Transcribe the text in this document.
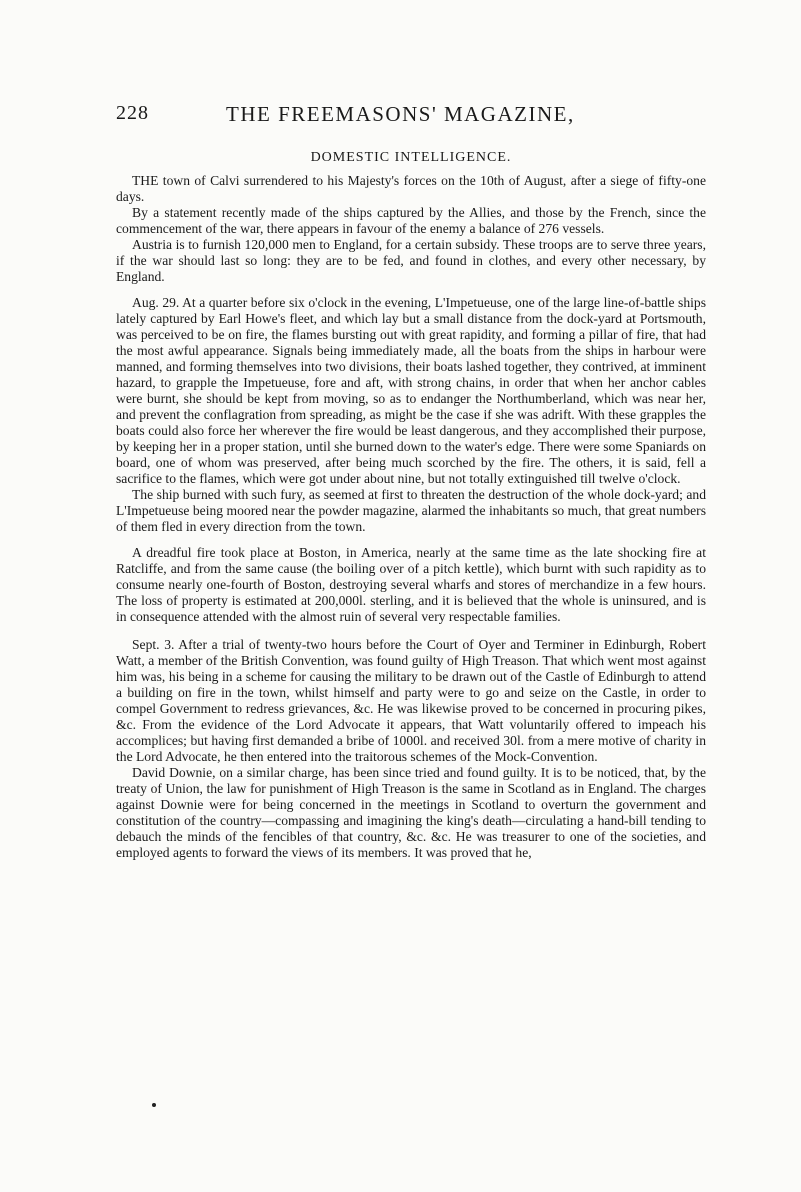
228	THE FREEMASONS' MAGAZINE,
DOMESTIC INTELLIGENCE.

THE town of Calvi surrendered to his Majesty's forces on the 10th of August, after a siege of fifty-one days.

By a statement recently made of the ships captured by the Allies, and those by the French, since the commencement of the war, there appears in favour of the enemy a balance of 276 vessels.

Austria is to furnish 120,000 men to England, for a certain subsidy. These troops are to serve three years, if the war should last so long: they are to be fed, and found in clothes, and every other necessary, by England.

Aug. 29. At a quarter before six o'clock in the evening, L'Impetueuse, one of the large line-of-battle ships lately captured by Earl Howe's fleet, and which lay but a small distance from the dock-yard at Portsmouth, was perceived to be on fire, the flames bursting out with great rapidity, and forming a pillar of fire, that had the most awful appearance. Signals being immediately made, all the boats from the ships in harbour were manned, and forming themselves into two divisions, their boats lashed together, they contrived, at imminent hazard, to grapple the Impetueuse, fore and aft, with strong chains, in order that when her anchor cables were burnt, she should be kept from moving, so as to endanger the Northumberland, which was near her, and prevent the conflagration from spreading, as might be the case if she was adrift. With these grapples the boats could also force her wherever the fire would be least dangerous, and they accomplished their purpose, by keeping her in a proper station, until she burned down to the water's edge. There were some Spaniards on board, one of whom was preserved, after being much scorched by the fire. The others, it is said, fell a sacrifice to the flames, which were got under about nine, but not totally extinguished till twelve o'clock.

The ship burned with such fury, as seemed at first to threaten the destruction of the whole dock-yard; and L'Impetueuse being moored near the powder magazine, alarmed the inhabitants so much, that great numbers of them fled in every direction from the town.

A dreadful fire took place at Boston, in America, nearly at the same time as the late shocking fire at Ratcliffe, and from the same cause (the boiling over of a pitch kettle), which burnt with such rapidity as to consume nearly one-fourth of Boston, destroying several wharfs and stores of merchandize in a few hours. The loss of property is estimated at 200,000l. sterling, and it is believed that the whole is uninsured, and is in consequence attended with the almost ruin of several very respectable families.

Sept. 3. After a trial of twenty-two hours before the Court of Oyer and Terminer in Edinburgh, Robert Watt, a member of the British Convention, was found guilty of High Treason. That which went most against him was, his being in a scheme for causing the military to be drawn out of the Castle of Edinburgh to attend a building on fire in the town, whilst himself and party were to go and seize on the Castle, in order to compel Government to redress grievances, &c. He was likewise proved to be concerned in procuring pikes, &c. From the evidence of the Lord Advocate it appears, that Watt voluntarily offered to impeach his accomplices; but having first demanded a bribe of 1000l. and received 30l. from a mere motive of charity in the Lord Advocate, he then entered into the traitorous schemes of the Mock-Convention.

David Downie, on a similar charge, has been since tried and found guilty. It is to be noticed, that, by the treaty of Union, the law for punishment of High Treason is the same in Scotland as in England. The charges against Downie were for being concerned in the meetings in Scotland to overturn the government and constitution of the country—compassing and imagining the king's death—circulating a hand-bill tending to debauch the minds of the fencibles of that country, &c. &c. He was treasurer to one of the societies, and employed agents to forward the views of its members. It was proved that he,
